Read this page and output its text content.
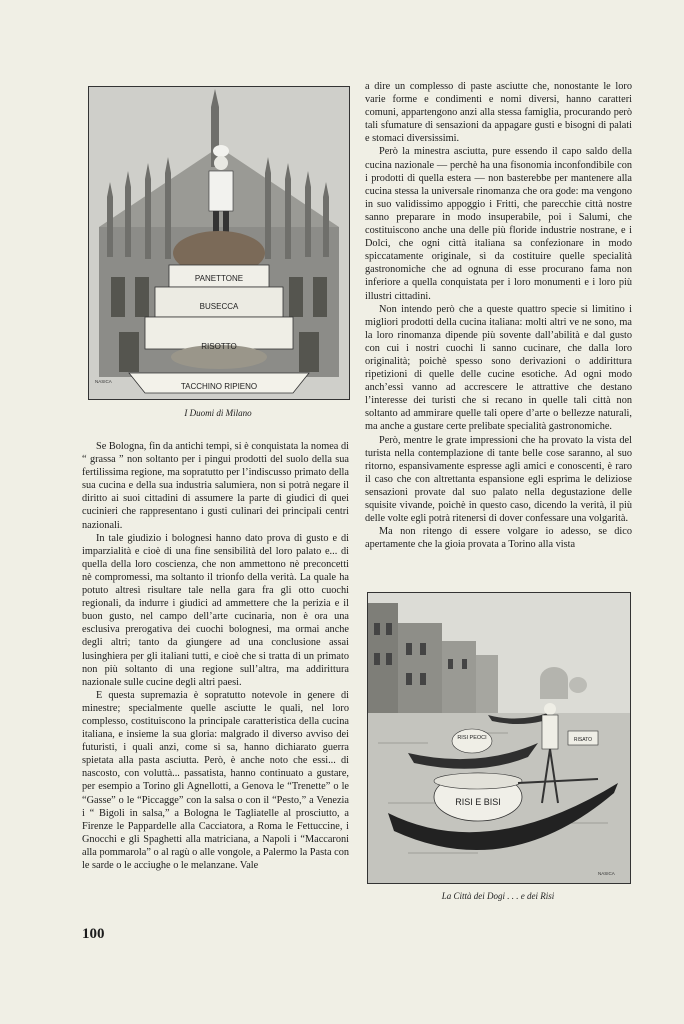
PANETTONE
BUSECCA
RISOTTO
TACCHINO RIPIENO
NASICA
I Duomi di Milano

Se Bologna, fin da antichi tempi, si è conquistata la nomea di “ grassa ” non soltanto per i pingui prodotti del suolo della sua fertilissima regione, ma sopratutto per l’indiscusso primato della sua cucina e della sua industria salumiera, non si potrà negare il diritto ai suoi cittadini di assumere la parte di giudici di quei cucinieri che rappresentano i gusti culinari dei principali centri nazionali.

In tale giudizio i bolognesi hanno dato prova di gusto e di imparzialità e cioè di una fine sensibilità del loro palato e... di quella della loro coscienza, che non ammettono nè preconcetti nè compromessi, ma soltanto il trionfo della verità. La quale ha potuto altresì risultare tale nella gara fra gli otto cuochi regionali, da indurre i giudici ad ammettere che la perizia e il buon gusto, nel campo dell’arte cucinaria, non è ora una esclusiva prerogativa dei cuochi bolognesi, ma ormai anche degli altri; tanto da giungere ad una conclusione assai lusinghiera per gli italiani tutti, e cioè che si tratta di un primato non più soltanto di una regione sull’altra, ma addirittura nazionale sulle cucine degli altri paesi.

E questa supremazia è sopratutto notevole in genere di minestre; specialmente quelle asciutte le quali, nel loro complesso, costituiscono la principale caratteristica della cucina italiana, e insieme la sua gloria: malgrado il diverso avviso dei futuristi, i quali anzi, come si sa, hanno dichiarato guerra spietata alla pasta asciutta. Però, è anche noto che essi... di nascosto, con voluttà... passatista, hanno continuato a gustare, per esempio a Torino gli Agnellotti, a Genova le “Trenette” o le “Gasse” o le “Piccagge” con la salsa o con il “Pesto,” a Venezia i “ Bigoli in salsa,” a Bologna le Tagliatelle al prosciutto, a Firenze le Pappardelle alla Cacciatora, a Roma le Fettuccine, i Gnocchi e gli Spaghetti alla matriciana, a Napoli i “Maccaroni alla pommarola” o al ragù o alle vongole, a Palermo la Pasta con le sarde o le acciughe o le melanzane. Vale

a dire un complesso di paste asciutte che, nonostante le loro varie forme e condimenti e nomi diversi, hanno caratteri comuni, appartengono anzi alla stessa famiglia, procurando però tali sfumature di sensazioni da appagare gusti e bisogni di palati e stomaci diversissimi.

Però la minestra asciutta, pure essendo il capo saldo della cucina nazionale — perchè ha una fisonomia inconfondibile con i prodotti di quella estera — non basterebbe per mantenere alla cucina stessa la universale rinomanza che ora gode: ma vengono in suo validissimo appoggio i Fritti, che parecchie città nostre sanno preparare in modo insuperabile, poi i Salumi, che costituiscono anche una delle più floride industrie nostrane, e i Dolci, che ogni città italiana sa confezionare in modo spiccatamente originale, sì da costituire quelle specialità gastronomiche che ad ognuna di esse procurano fama non inferiore a quella conquistata per i loro monumenti e i loro più illustri cittadini.

Non intendo però che a queste quattro specie si limitino i migliori prodotti della cucina italiana: molti altri ve ne sono, ma la loro rinomanza dipende più sovente dall’abilità e dal gusto con cui i nostri cuochi li sanno cucinare, che dalla loro originalità; poichè spesso sono derivazioni o addirittura ripetizioni di quelle delle cucine esotiche. Ad ogni modo anch’essi vanno ad accrescere le attrattive che destano l’interesse dei turisti che si recano in quelle tali città non soltanto ad ammirare quelle tali opere d’arte o bellezze naturali, ma anche a gustare certe prelibate specialità gastronomiche.

Però, mentre le grate impressioni che ha provato la vista del turista nella contemplazione di tante belle cose saranno, al suo ritorno, espansivamente espresse agli amici e conoscenti, è raro il caso che con altrettanta espansione egli esprima le deliziose sensazioni provate dal suo palato nella degustazione delle squisite vivande, poichè in questo caso, dicendo la verità, il più delle volte egli potrà ritenersi di dover confessare una volgarità.

Ma non ritengo di essere volgare io adesso, se dico apertamente che la gioia provata a Torino alla vista

RISATO
RISI PEOCI
RISI E BISI
NASICA
La Città dei Dogi . . . e dei Risi
100
